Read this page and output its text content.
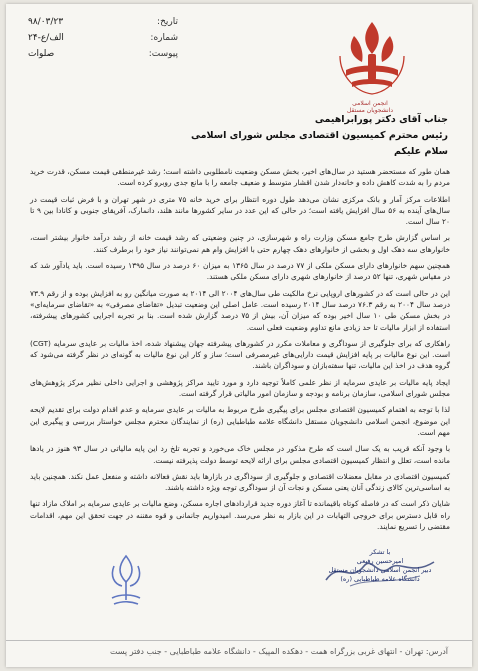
تاریخ:
۹۸/۰۳/۲۳
شماره:
۲۴-الف/ع
پیوست:
صلوات
انجمن اسلامی دانشجویان مستقل
جناب آقای دکتر پورابراهیمی
رئیس محترم کمیسیون اقتصادی مجلس شورای اسلامی
سلام علیکم

همان طور که مستحضر هستید در سال‌های اخیر، بخش مسکن وضعیت نامطلوبی داشته است؛ رشد غیرمنطقی قیمت مسکن، قدرت خرید مردم را به شدت کاهش داده و خانه‌دار شدن اقشار متوسط و ضعیف جامعه را با مانع جدی روبرو کرده است.

اطلاعات مرکز آمار و بانک مرکزی نشان می‌دهد طول دوره انتظار برای خرید خانه ۷۵ متری در شهر تهران و با فرض ثبات قیمت در سال‌های آینده به ۵۶ سال افزایش یافته است؛ در حالی که این عدد در سایر کشورها مانند هلند، دانمارک، آفریقای جنوبی و کانادا بین ۹ تا ۲۰ سال است.

بر اساس گزارش طرح جامع مسکن وزارت راه و شهرسازی، در چنین وضعیتی که رشد قیمت خانه از رشد درآمد خانوار بیشتر است، خانوارهای سه دهک اول و بخشی از خانوارهای دهک چهارم حتی با افزایش وام هم نمی‌توانند نیاز خود را برطرف کنند.

همچنین سهم خانوارهای دارای مسکن ملکی از ۷۷ درصد در سال ۱۳۶۵ به میزان ۶۰ درصد در سال ۱۳۹۵ رسیده است. باید یادآور شد که در مقیاس شهری، تنها ۵۲ درصد از خانوارهای شهری دارای مسکن ملکی هستند.

این در حالی است که در کشورهای اروپایی نرخ مالکیت طی سال‌های ۲۰۰۴ الی ۲۰۱۴ به صورت میانگین رو به افزایش بوده و از رقم ۷۳.۹ درصد سال ۲۰۰۴ به رقم ۷۶.۳ درصد سال ۲۰۱۴ رسیده است. عامل اصلی این وضعیت تبدیل «تقاضای مصرفی» به «تقاضای سرمایه‌ای» در بخش مسکن طی ۱۰ سال اخیر بوده که میزان آن، بیش از ۷۵ درصد گزارش شده است. بنا بر تجربه اجرایی کشورهای پیشرفته، استفاده از ابزار مالیات تا حد زیادی مانع تداوم وضعیت فعلی است.

راهکاری که برای جلوگیری از سوداگری و معاملات مکرر در کشورهای پیشرفته جهان پیشنهاد شده، اخذ مالیات بر عایدی سرمایه (CGT) است. این نوع مالیات بر پایه افزایش قیمت دارایی‌های غیرمصرفی است؛ ساز و کار این نوع مالیات به گونه‌ای در نظر گرفته می‌شود که گروه هدف در اخذ این مالیات، تنها سفته‌بازان و سوداگران باشند.

ایجاد پایه مالیات بر عایدی سرمایه از نظر علمی کاملاً توجیه دارد و مورد تایید مراکز پژوهشی و اجرایی داخلی نظیر مرکز پژوهش‌های مجلس شورای اسلامی، سازمان برنامه و بودجه و سازمان امور مالیاتی قرار گرفته است.

لذا با توجه به اهتمام کمیسیون اقتصادی مجلس برای پیگیری طرح مربوط به مالیات بر عایدی سرمایه و عدم اقدام دولت برای تقدیم لایحه این موضوع، انجمن اسلامی دانشجویان مستقل دانشگاه علامه طباطبایی (ره) از نمایندگان محترم مجلس خواستار بررسی و پیگیری این مهم است.

با وجود آنکه قریب به یک سال است که طرح مذکور در مجلس خاک می‌خورد و تجربه تلخ رد این پایه مالیاتی در سال ۹۳ هنوز در یادها مانده است، تعلل و انتظار کمیسیون اقتصادی مجلس برای ارائه لایحه توسط دولت پذیرفته نیست.

کمیسیون اقتصادی در مقابل معضلات اقتصادی و جلوگیری از سوداگری در بازارها باید نقش فعالانه داشته و منفعل عمل نکند. همچنین باید به اساسی‌ترین کالای زندگی آنان یعنی مسکن و نجات آن از سوداگری توجه ویژه داشته باشند.

شایان ذکر است که در فاصله کوتاه باقیمانده تا آغاز دوره جدید قراردادهای اجاره مسکن، وضع مالیات بر عایدی سرمایه بر املاک مازاد تنها راه قابل دسترس برای خروجی التهابات در این بازار به نظر می‌رسد. امیدواریم جانمانی و قوه مقننه در جهت تحقق این مهم، اقدامات مقتضی را تسریع نمایند.

با تشکر
امیرحسین رفیعی
دبیر انجمن اسلامی دانشجویان مستقل
دانشگاه علامه طباطبایی (ره)
آدرس: تهران - انتهای غربی بزرگراه همت - دهکده المپیک - دانشگاه علامه طباطبایی - جنب دفتر پست
